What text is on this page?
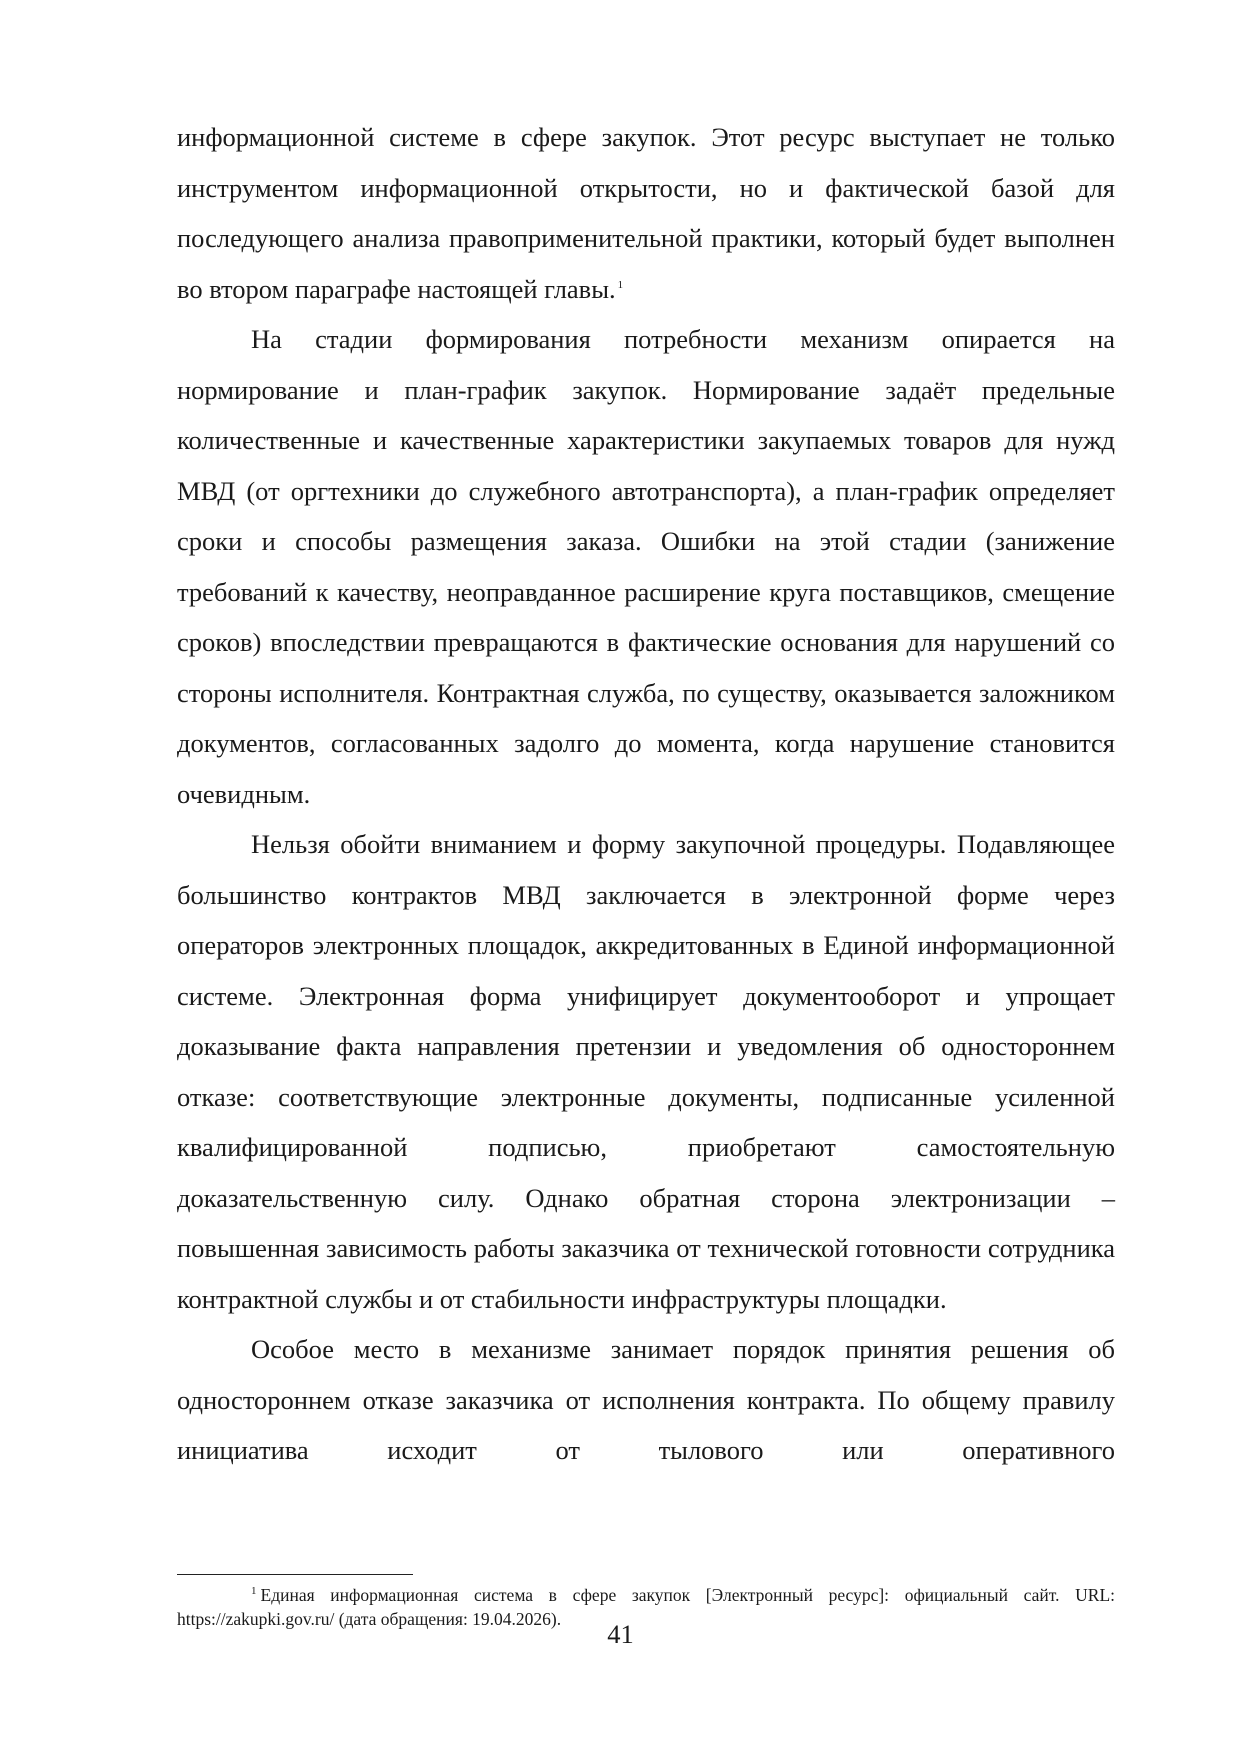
информационной системе в сфере закупок. Этот ресурс выступает не только инструментом информационной открытости, но и фактической базой для последующего анализа правоприменительной практики, который будет выполнен во втором параграфе настоящей главы. $^1$

На стадии формирования потребности механизм опирается на нормирование и план-график закупок. Нормирование задаёт предельные количественные и качественные характеристики закупаемых товаров для нужд МВД (от оргтехники до служебного автотранспорта), а план-график определяет сроки и способы размещения заказа. Ошибки на этой стадии (занижение требований к качеству, неоправданное расширение круга поставщиков, смещение сроков) впоследствии превращаются в фактические основания для нарушений со стороны исполнителя. Контрактная служба, по существу, оказывается заложником документов, согласованных задолго до момента, когда нарушение становится очевидным.

Нельзя обойти вниманием и форму закупочной процедуры. Подавляющее большинство контрактов МВД заключается в электронной форме через операторов электронных площадок, аккредитованных в Единой информационной системе. Электронная форма унифицирует документооборот и упрощает доказывание факта направления претензии и уведомления об одностороннем отказе: соответствующие электронные документы, подписанные усиленной квалифицированной подписью, приобретают самостоятельную доказательственную силу. Однако обратная сторона электронизации – повышенная зависимость работы заказчика от технической готовности сотрудника контрактной службы и от стабильности инфраструктуры площадки.

Особое место в механизме занимает порядок принятия решения об одностороннем отказе заказчика от исполнения контракта. По общему правилу инициатива исходит от тылового или оперативного

$^1$ Единая информационная система в сфере закупок [Электронный ресурс]: официальный сайт. URL: https://zakupki.gov.ru/ (дата обращения: 19.04.2026).	41
